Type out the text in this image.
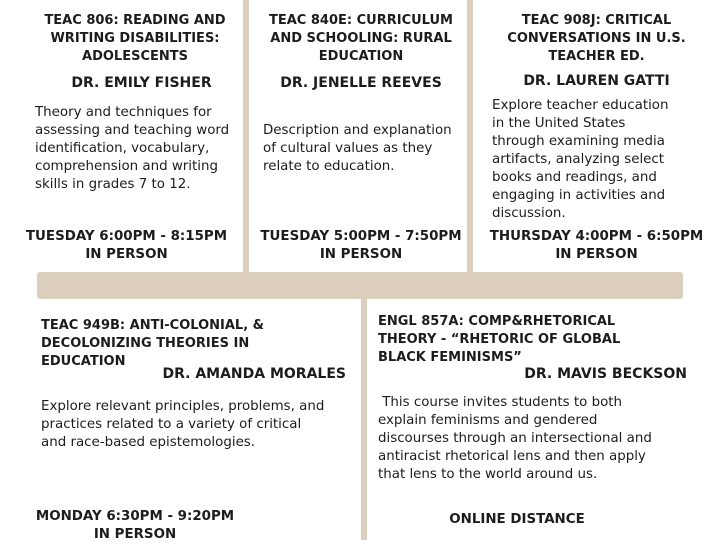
TEAC 806: READING AND
WRITING DISABILITIES:
ADOLESCENTS
DR. EMILY FISHER
Theory and techniques for
assessing and teaching word
identification, vocabulary,
comprehension and writing
skills in grades 7 to 12.
TUESDAY 6:00PM - 8:15PM
IN PERSON
TEAC 840E: CURRICULUM
AND SCHOOLING: RURAL
EDUCATION
DR. JENELLE REEVES
Description and explanation
of cultural values as they
relate to education.
TUESDAY 5:00PM - 7:50PM
IN PERSON
TEAC 908J: CRITICAL
CONVERSATIONS IN U.S.
TEACHER ED.
DR. LAUREN GATTI
Explore teacher education
in the United States
through examining media
artifacts, analyzing select
books and readings, and
engaging in activities and
discussion.
THURSDAY 4:00PM - 6:50PM
IN PERSON
TEAC 949B: ANTI-COLONIAL, &
DECOLONIZING THEORIES IN
EDUCATION
DR. AMANDA MORALES
Explore relevant principles, problems, and
practices related to a variety of critical
and race-based epistemologies.
MONDAY 6:30PM - 9:20PM
IN PERSON
ENGL 857A: COMP&RHETORICAL
THEORY - “RHETORIC OF GLOBAL
BLACK FEMINISMS”
DR. MAVIS BECKSON
This course invites students to both
explain feminisms and gendered
discourses through an intersectional and
antiracist rhetorical lens and then apply
that lens to the world around us.
ONLINE DISTANCE
